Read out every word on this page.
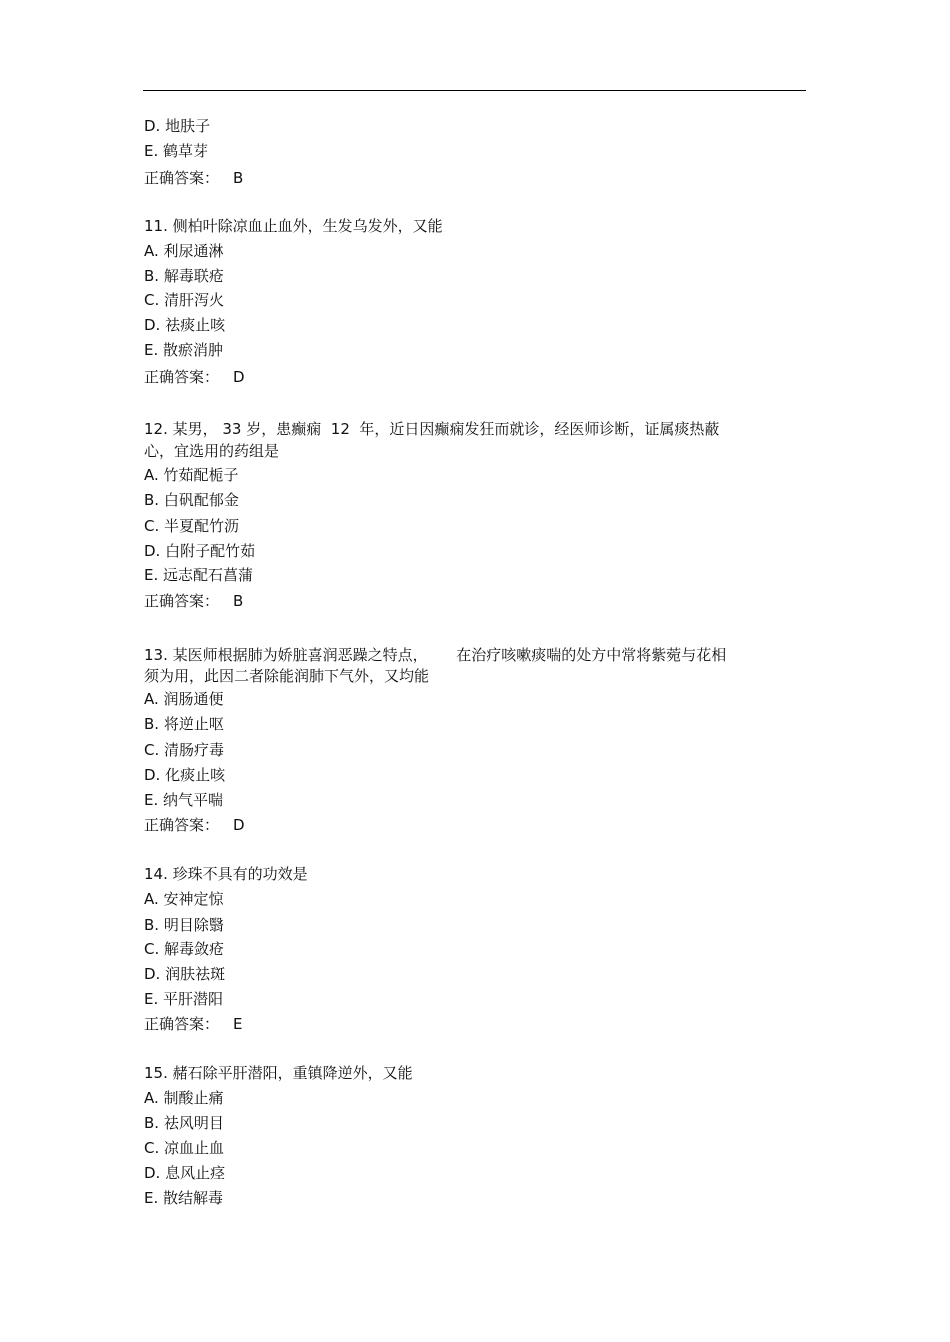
D. 地肤子
E. 鹤草芽
正确答案： B
11. 侧柏叶除凉血止血外，生发乌发外，又能
A. 利尿通淋
B. 解毒联疮
C. 清肝泻火
D. 祛痰止咳
E. 散瘀消肿
正确答案： D
12. 某男， 33 岁，患癫痫  12  年，近日因癫痫发狂而就诊，经医师诊断，证属痰热蔽
心，宜选用的药组是
A. 竹茹配栀子
B. 白矾配郁金
C. 半夏配竹沥
D. 白附子配竹茹
E. 远志配石菖蒲
正确答案： B
13. 某医师根据肺为娇脏喜润恶躁之特点，      在治疗咳嗽痰喘的处方中常将紫菀与花相
须为用，此因二者除能润肺下气外，又均能
A. 润肠通便
B. 将逆止呕
C. 清肠疗毒
D. 化痰止咳
E. 纳气平喘
正确答案： D
14. 珍珠不具有的功效是
A. 安神定惊
B. 明目除翳
C. 解毒敛疮
D. 润肤祛斑
E. 平肝潜阳
正确答案： E
15. 赭石除平肝潜阳，重镇降逆外，又能
A. 制酸止痛
B. 祛风明目
C. 凉血止血
D. 息风止痉
E. 散结解毒
